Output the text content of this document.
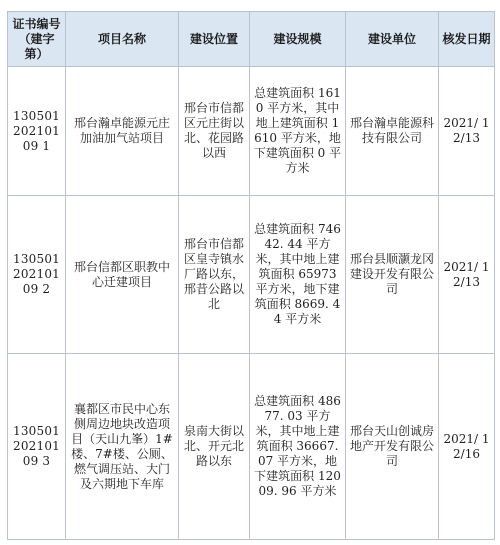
证书编号（建字第）	项目名称	建设位置	建设规模	建设单位	核发日期
13050120210109 1	邢台瀚卓能源元庄加油加气站项目	邢台市信都区元庄街以北、花园路以西	总建筑面积 1610 平方米，其中地上建筑面积 1610 平方米，地下建筑面积 0 平方米	邢台瀚卓能源科技有限公司	2021/ 12/13
13050120210109 2	邢台信都区职教中心迁建项目	邢台市信都区皇寺镇水厂路以东，邢昔公路以北	总建筑面积 74642. 44 平方米，其中地上建筑面积 65973 平方米，地下建筑面积 8669. 44 平方米	邢台县顺灏龙冈建设开发有限公司	2021/ 12/13
13050120210109 3	襄都区市民中心东侧周边地块改造项目（天山九峯）1#楼、7#楼、公厕、燃气调压站、大门及六期地下车库	泉南大街以北、开元北路以东	总建筑面积 48677. 03 平方米，其中地上建筑面积 36667. 07 平方米，地下建筑面积 12009. 96 平方米	邢台天山创诚房地产开发有限公司	2021/ 12/16
